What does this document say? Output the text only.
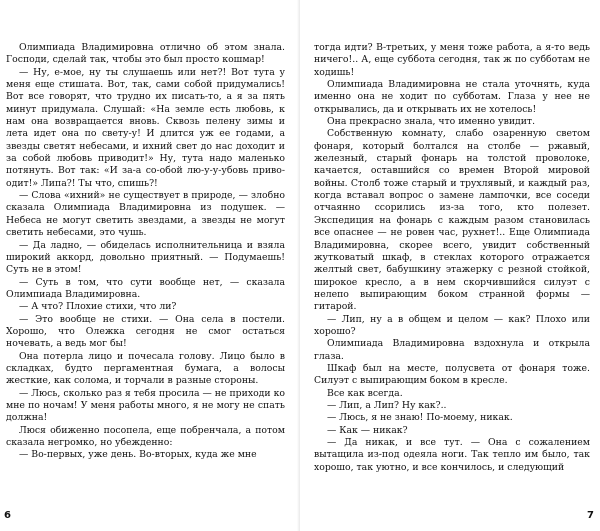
Олимпиада Владимировна отлично об этом знала. Господи, сделай так, чтобы это был просто кошмар!

— Ну, е-мое, ну ты слушаешь или нет?! Вот тута у меня еще стишата. Вот, так, сами собой придумались! Вот все говорят, что трудно их писать-то, а я за пять минут придумала. Слушай: «На земле есть любовь, к нам она возвращается вновь. Сквозь пелену зимы и лета идет она по свету-у! И длится уж ее годами, а звезды светят небесами, и ихний свет до нас доходит и за собой любовь приводит!» Ну, тута надо маленько потянуть. Вот так: «И за-а со-обой лю-у-у-убовь приво-одит!» Липа?! Ты что, спишь?!

— Слова «ихний» не существует в природе, — злобно сказала Олимпиада Владимировна из подушек. — Небеса не могут светить звездами, а звезды не могут светить небесами, это чушь.

— Да ладно, — обиделась исполнительница и взяла широкий аккорд, довольно приятный. — Подумаешь! Суть не в этом!

— Суть в том, что сути вообще нет, — сказала Олимпиада Владимировна.

— А что? Плохие стихи, что ли?

— Это вообще не стихи. — Она села в постели. Хорошо, что Олежка сегодня не смог остаться ночевать, а ведь мог бы!

Она потерла лицо и почесала голову. Лицо было в складках, будто пергаментная бумага, а волосы жесткие, как солома, и торчали в разные стороны.

— Люсь, сколько раз я тебя просила — не приходи ко мне по ночам! У меня работы много, я не могу не спать должна!

Люся обиженно посопела, еще побренчала, а потом сказала негромко, но убежденно:

— Во-первых, уже день. Во-вторых, куда же мне

6

тогда идти? В-третьих, у меня тоже работа, а я-то ведь ничего!.. А, еще суббота сегодня, так ж по субботам не ходишь!

Олимпиада Владимировна не стала уточнять, куда именно она не ходит по субботам. Глаза у нее не открывались, да и открывать их не хотелось!

Она прекрасно знала, что именно увидит.

Собственную комнату, слабо озаренную светом фонаря, который болтался на столбе — ржавый, железный, старый фонарь на толстой проволоке, качается, оставшийся со времен Второй мировой войны. Столб тоже старый и трухлявый, и каждый раз, когда вставал вопрос о замене лампочки, все соседи отчаянно ссорились из-за того, кто полезет. Экспедиция на фонарь с каждым разом становилась все опаснее — не ровен час, рухнет!.. Еще Олимпиада Владимировна, скорее всего, увидит собственный жутковатый шкаф, в стеклах которого отражается желтый свет, бабушкину этажерку с резной стойкой, широкое кресло, а в нем скорчившийся силуэт с нелепо выпирающим боком странной формы — гитарой.

— Лип, ну а в общем и целом — как? Плохо или хорошо?

Олимпиада Владимировна вздохнула и открыла глаза.

Шкаф был на месте, полусвета от фонаря тоже. Силуэт с выпирающим боком в кресле.

Все как всегда.

— Лип, а Лип? Ну как?..

— Люсь, я не знаю! По-моему, никак.

— Как — никак?

— Да никак, и все тут. — Она с сожалением вытащила из-под одеяла ноги. Так тепло им было, так хорошо, так уютно, и все кончилось, и следующий

7
